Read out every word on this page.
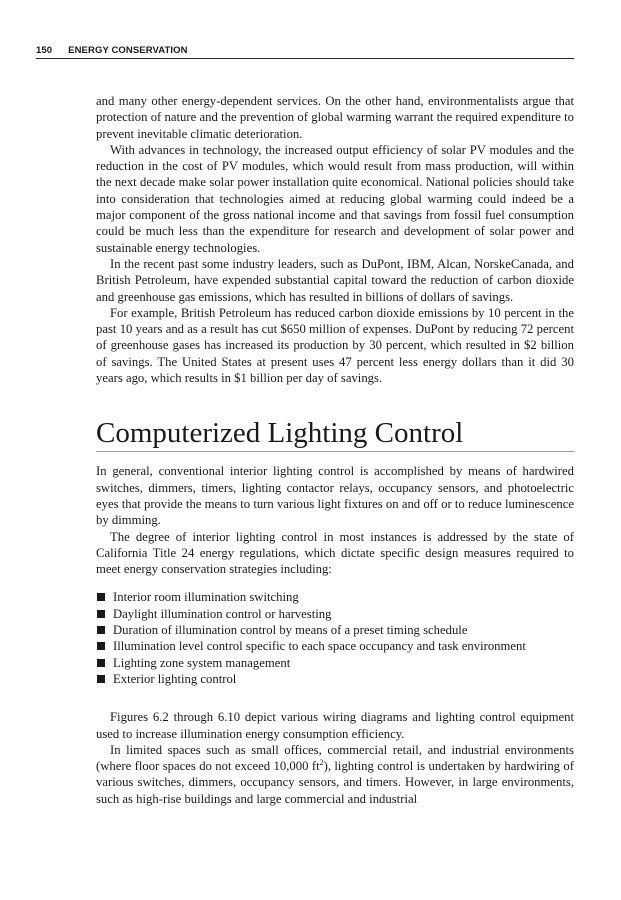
150 ENERGY CONSERVATION

and many other energy-dependent services. On the other hand, environmentalists argue that protection of nature and the prevention of global warming warrant the required expenditure to prevent inevitable climatic deterioration.

With advances in technology, the increased output efficiency of solar PV modules and the reduction in the cost of PV modules, which would result from mass production, will within the next decade make solar power installation quite economical. National policies should take into consideration that technologies aimed at reducing global warming could indeed be a major component of the gross national income and that savings from fossil fuel consumption could be much less than the expenditure for research and development of solar power and sustainable energy technologies.

In the recent past some industry leaders, such as DuPont, IBM, Alcan, NorskeCanada, and British Petroleum, have expended substantial capital toward the reduction of carbon dioxide and greenhouse gas emissions, which has resulted in billions of dollars of savings.

For example, British Petroleum has reduced carbon dioxide emissions by 10 percent in the past 10 years and as a result has cut $650 million of expenses. DuPont by reducing 72 percent of greenhouse gases has increased its production by 30 percent, which resulted in $2 billion of savings. The United States at present uses 47 percent less energy dollars than it did 30 years ago, which results in $1 billion per day of savings.

Computerized Lighting Control

In general, conventional interior lighting control is accomplished by means of hardwired switches, dimmers, timers, lighting contactor relays, occupancy sensors, and photoelectric eyes that provide the means to turn various light fixtures on and off or to reduce luminescence by dimming.

The degree of interior lighting control in most instances is addressed by the state of California Title 24 energy regulations, which dictate specific design measures required to meet energy conservation strategies including:

Interior room illumination switching
Daylight illumination control or harvesting
Duration of illumination control by means of a preset timing schedule
Illumination level control specific to each space occupancy and task environment
Lighting zone system management
Exterior lighting control

Figures 6.2 through 6.10 depict various wiring diagrams and lighting control equipment used to increase illumination energy consumption efficiency.

In limited spaces such as small offices, commercial retail, and industrial environments (where floor spaces do not exceed 10,000 $ft^2$), lighting control is undertaken by hardwiring of various switches, dimmers, occupancy sensors, and timers. However, in large environments, such as high-rise buildings and large commercial and industrial
